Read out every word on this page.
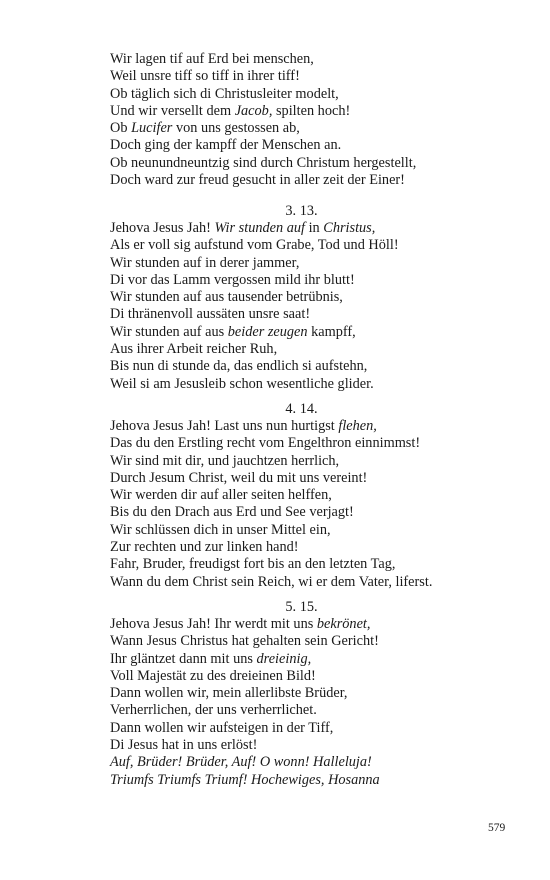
Wir lagen tif auf Erd bei menschen,
Weil unsre tiff so tiff in ihrer tiff!
Ob täglich sich di Christusleiter modelt,
Und wir versellt dem Jacob, spilten hoch!
Ob Lucifer von uns gestossen ab,
Doch ging der kampff der Menschen an.
Ob neunundneuntzig sind durch Christum hergestellt,
Doch ward zur freud gesucht in aller zeit der Einer!
3. 13.
Jehova Jesus Jah! Wir stunden auf in Christus,
Als er voll sig aufstund vom Grabe, Tod und Höll!
Wir stunden auf in derer jammer,
Di vor das Lamm vergossen mild ihr blutt!
Wir stunden auf aus tausender betrübnis,
Di thränenvoll aussäten unsre saat!
Wir stunden auf aus beider zeugen kampff,
Aus ihrer Arbeit reicher Ruh,
Bis nun di stunde da, das endlich si aufstehn,
Weil si am Jesusleib schon wesentliche glider.
4. 14.
Jehova Jesus Jah! Last uns nun hurtigst flehen,
Das du den Erstling recht vom Engelthron einnimmst!
Wir sind mit dir, und jauchtzen herrlich,
Durch Jesum Christ, weil du mit uns vereint!
Wir werden dir auf aller seiten helffen,
Bis du den Drach aus Erd und See verjagt!
Wir schlüssen dich in unser Mittel ein,
Zur rechten und zur linken hand!
Fahr, Bruder, freudigst fort bis an den letzten Tag,
Wann du dem Christ sein Reich, wi er dem Vater, liferst.
5. 15.
Jehova Jesus Jah! Ihr werdt mit uns bekrönet,
Wann Jesus Christus hat gehalten sein Gericht!
Ihr gläntzet dann mit uns dreieinig,
Voll Majestät zu des dreieinen Bild!
Dann wollen wir, mein allerlibste Brüder,
Verherrlichen, der uns verherrlichet.
Dann wollen wir aufsteigen in der Tiff,
Di Jesus hat in uns erlöst!
Auf, Brüder! Brüder, Auf! O wonn! Halleluja!
Triumfs Triumfs Triumf! Hochewiges, Hosanna
579
